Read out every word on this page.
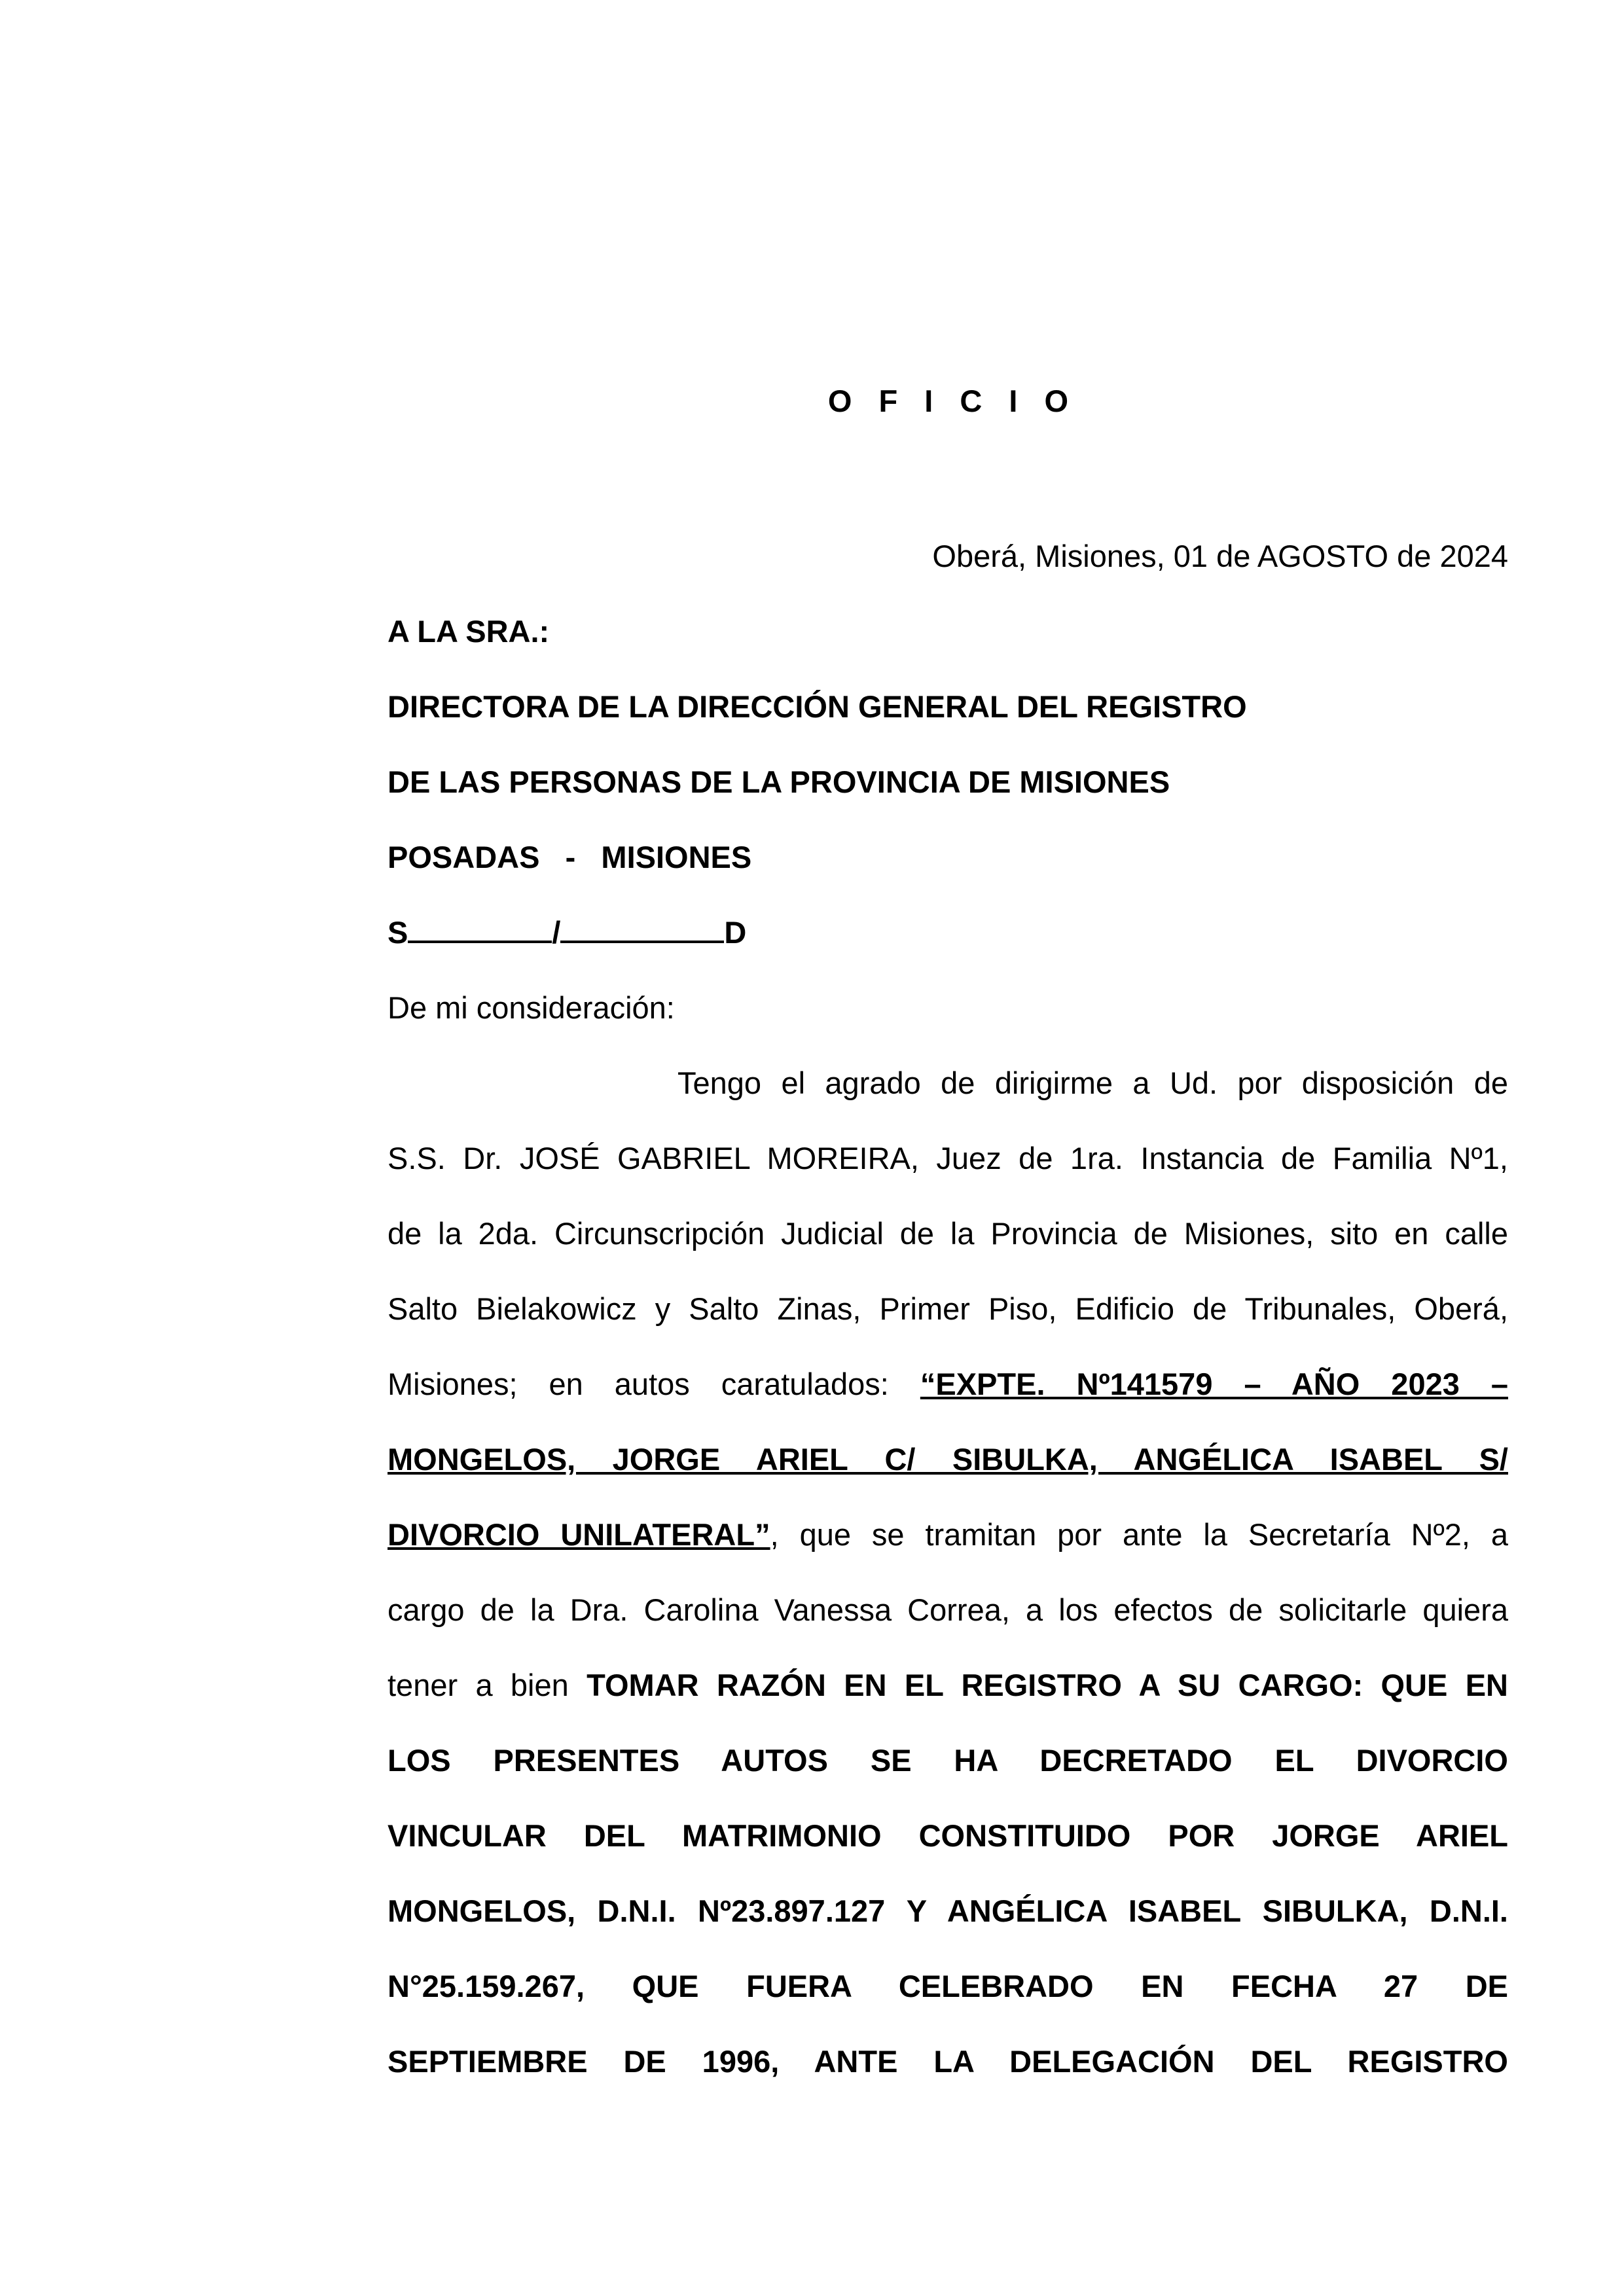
O F I C I O
Oberá, Misiones, 01 de AGOSTO de 2024
A LA SRA.:
DIRECTORA DE LA DIRECCIÓN GENERAL DEL REGISTRO
DE LAS PERSONAS DE LA PROVINCIA DE MISIONES
POSADAS   -   MISIONES
S	/	D
De mi consideración:
Tengo el agrado de dirigirme a Ud. por disposición de
S.S. Dr. JOSÉ GABRIEL MOREIRA, Juez de 1ra. Instancia de Familia Nº1,
de la 2da. Circunscripción Judicial de la Provincia de Misiones, sito en calle
Salto Bielakowicz y Salto Zinas, Primer Piso, Edificio de Tribunales, Oberá,
Misiones; en autos caratulados: “EXPTE. Nº141579 – AÑO 2023 –
MONGELOS, JORGE ARIEL C/ SIBULKA, ANGÉLICA ISABEL S/
DIVORCIO UNILATERAL”, que se tramitan por ante la Secretaría Nº2, a
cargo de la Dra. Carolina Vanessa Correa, a los efectos de solicitarle quiera
tener a bien TOMAR RAZÓN EN EL REGISTRO A SU CARGO: QUE EN
LOS PRESENTES AUTOS SE HA DECRETADO EL DIVORCIO
VINCULAR DEL MATRIMONIO CONSTITUIDO POR JORGE ARIEL
MONGELOS, D.N.I. Nº23.897.127 Y ANGÉLICA ISABEL SIBULKA, D.N.I.
N°25.159.267, QUE FUERA CELEBRADO EN FECHA 27 DE
SEPTIEMBRE DE 1996, ANTE LA DELEGACIÓN DEL REGISTRO
